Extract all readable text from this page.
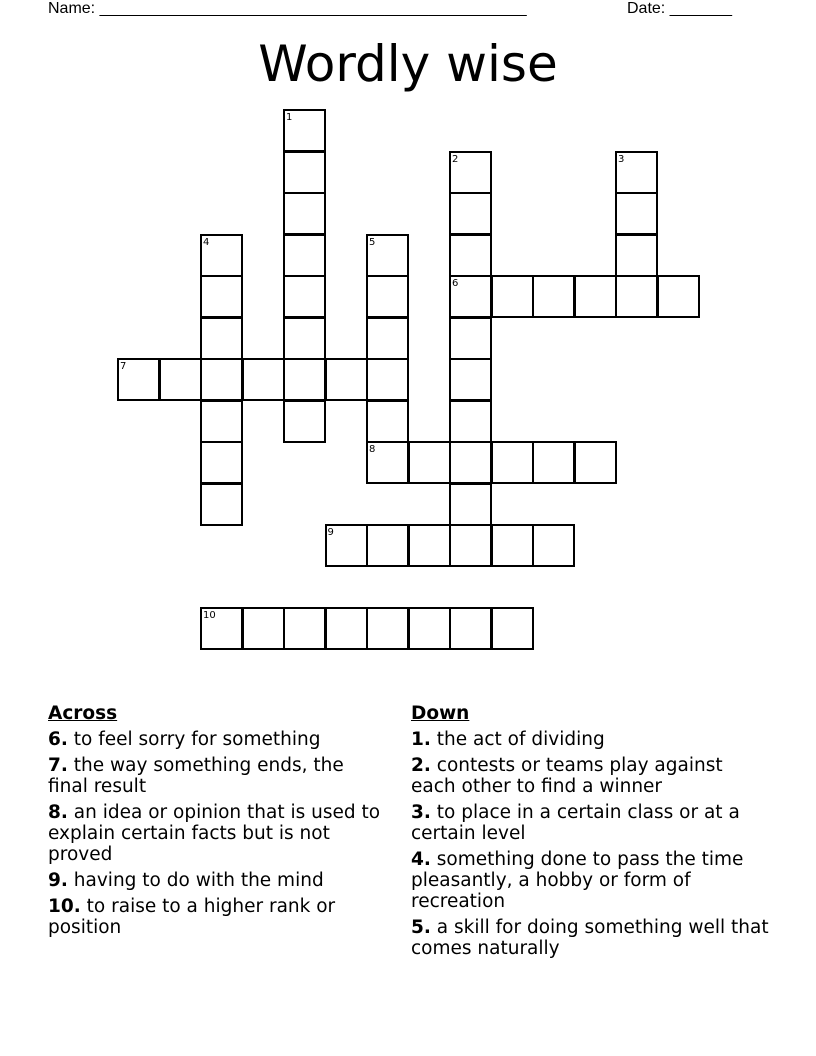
Name: ________________________________________________	Date: _______
Wordly wise
1
2	3
4	5
6
7
8
9
10
Across
6. to feel sorry for something
7. the way something ends, the final result
8. an idea or opinion that is used to explain certain facts but is not proved
9. having to do with the mind
10. to raise to a higher rank or position
Down
1. the act of dividing
2. contests or teams play against each other to find a winner
3. to place in a certain class or at a certain level
4. something done to pass the time pleasantly, a hobby or form of recreation
5. a skill for doing something well that comes naturally
